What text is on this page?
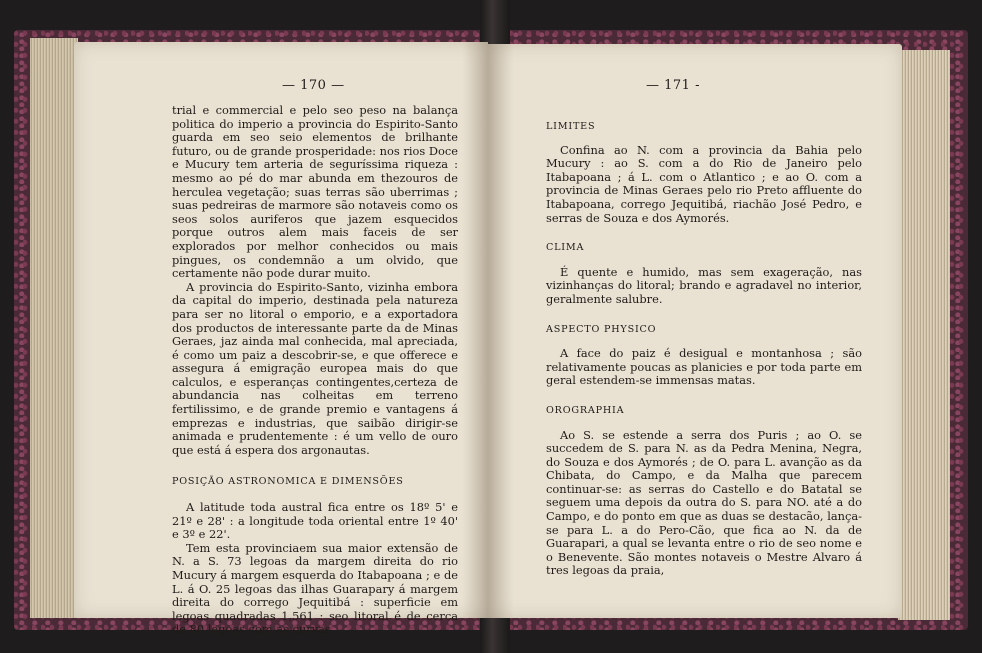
— 170 —

trial e commercial e pelo seo peso na balança politica do imperio a provincia do Espirito-Santo guarda em seo seio elementos de brilhante futuro, ou de grande prosperidade: nos rios Doce e Mucury tem arteria de seguríssima riqueza : mesmo ao pé do mar abunda em thezouros de herculea vegetação; suas terras são uberrimas ; suas pedreiras de marmore são notaveis como os seos solos auriferos que jazem esquecidos porque outros alem mais faceis de ser explorados por melhor conhecidos ou mais pingues, os condemnão a um olvido, que certamente não pode durar muito.

A provincia do Espirito-Santo, vizinha embora da capital do imperio, destinada pela natureza para ser no litoral o emporio, e a exportadora dos productos de interessante parte da de Minas Geraes, jaz ainda mal conhecida, mal apreciada, é como um paiz a descobrir-se, e que offerece e assegura á emigração europea mais do que calculos, e esperanças contingentes,certeza de abundancia nas colheitas em terreno fertilissimo, e de grande premio e vantagens á emprezas e industrias, que saibão dirigir-se animada e prudentemente : é um vello de ouro que está á espera dos argonautas.

POSIÇÃO ASTRONOMICA E DIMENSÕES

A latitude toda austral fica entre os 18º 5' e 21º e 28' : a longitude toda oriental entre 1º 40' e 3º e 22'.

Tem esta provinciaem sua maior extensão de N. a S. 73 legoas da margem direita do rio Mucury á margem esquerda do Itabapoana ; e de L. á O. 25 legoas das ilhas Guarapary á margem direita do corrego Jequitibá : superficie em legoas quadradas 1,561 : seo litoral é de cerca de 80 legoas com as curvas.

— 171 -

LIMITES

Confina ao N. com a provincia da Bahia pelo Mucury : ao S. com a do Rio de Janeiro pelo Itabapoana ; á L. com o Atlantico ; e ao O. com a provincia de Minas Geraes pelo rio Preto affluente do Itabapoana, corrego Jequitibá, riachão José Pedro, e serras de Souza e dos Aymorés.

CLIMA

É quente e humido, mas sem exageração, nas vizinhanças do litoral; brando e agradavel no interior, geralmente salubre.

ASPECTO PHYSICO

A face do paiz é desigual e montanhosa ; são relativamente poucas as planicies e por toda parte em geral estendem-se immensas matas.

OROGRAPHIA

Ao S. se estende a serra dos Puris ; ao O. se succedem de S. para N. as da Pedra Menina, Negra, do Souza e dos Aymorés ; de O. para L. avanção as da Chibata, do Campo, e da Malha que parecem continuar-se: as serras do Castello e do Batatal se seguem uma depois da outra do S. para NO. até a do Campo, e do ponto em que as duas se destacão, lança-se para L. a do Pero-Cão, que fica ao N. da de Guarapari, a qual se levanta entre o rio de seo nome e o Benevente. São montes notaveis o Mestre Alvaro á tres legoas da praia,
